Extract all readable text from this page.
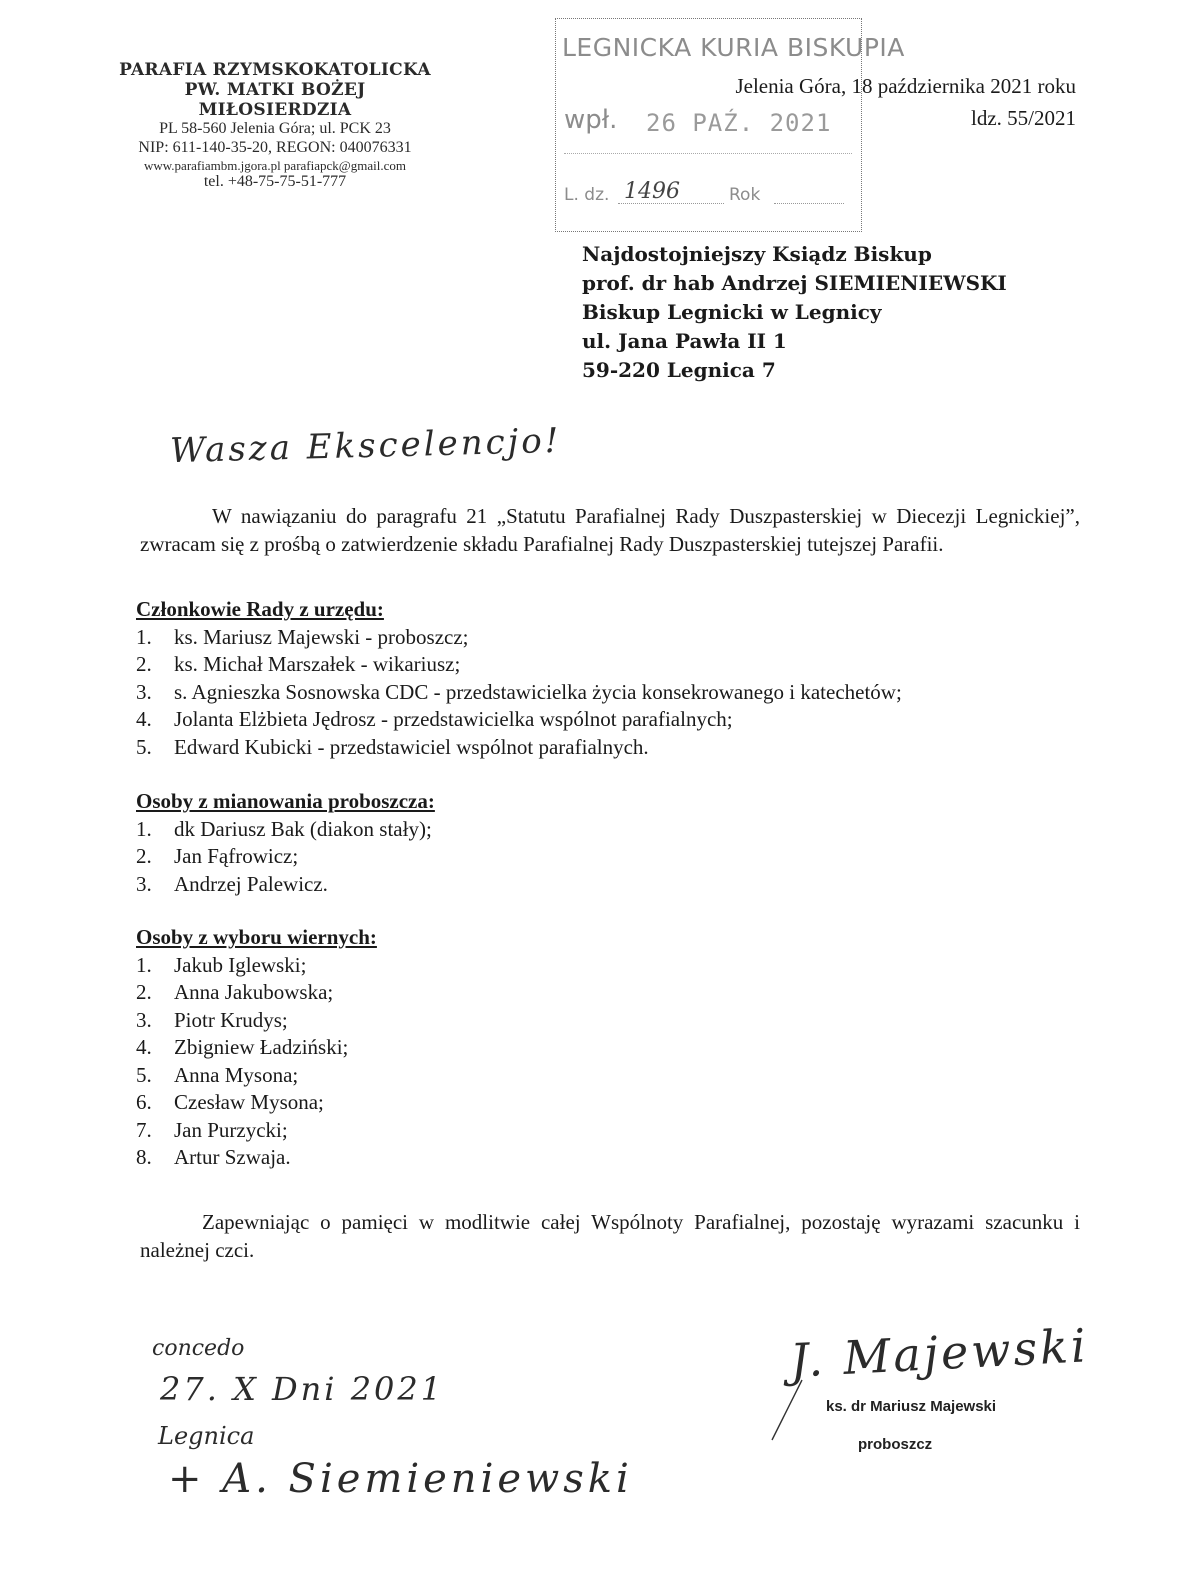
PARAFIA RZYMSKOKATOLICKA
PW. MATKI BOŻEJ MIŁOSIERDZIA
PL 58-560 Jelenia Góra; ul. PCK 23
NIP: 611-140-35-20, REGON: 040076331
www.parafiambm.jgora.pl parafiapck@gmail.com
tel. +48-75-75-51-777
LEGNICKA KURIA BISKUPIA
wpł. 26 PAŹ. 2021
L. dz. 1496	Rok
Jelenia Góra, 18 października 2021 roku
ldz. 55/2021
Najdostojniejszy Ksiądz Biskup
prof. dr hab Andrzej SIEMIENIEWSKI
Biskup Legnicki w Legnicy
ul. Jana Pawła II 1
59-220 Legnica 7
Wasza Ekscelencjo!
W nawiązaniu do paragrafu 21 „Statutu Parafialnej Rady Duszpasterskiej w Diecezji Legnickiej”, zwracam się z prośbą o zatwierdzenie składu Parafialnej Rady Duszpasterskiej tutejszej Parafii.
Członkowie Rady z urzędu:
1.	ks. Mariusz Majewski - proboszcz;
2.	ks. Michał Marszałek - wikariusz;
3.	s. Agnieszka Sosnowska CDC - przedstawicielka życia konsekrowanego i katechetów;
4.	Jolanta Elżbieta Jędrosz - przedstawicielka wspólnot parafialnych;
5.	Edward Kubicki - przedstawiciel wspólnot parafialnych.
Osoby z mianowania proboszcza:
1.	dk Dariusz Bak (diakon stały);
2.	Jan Fąfrowicz;
3.	Andrzej Palewicz.
Osoby z wyboru wiernych:
1.	Jakub Iglewski;
2.	Anna Jakubowska;
3.	Piotr Krudys;
4.	Zbigniew Ładziński;
5.	Anna Mysona;
6.	Czesław Mysona;
7.	Jan Purzycki;
8.	Artur Szwaja.
Zapewniając o pamięci w modlitwie całej Wspólnoty Parafialnej, pozostaję wyrazami szacunku i należnej czci.
J. Majewski
ks. dr Mariusz Majewski
proboszcz
concedo
27. X Dni 2021
Legnica
+ A. Siemieniewski
